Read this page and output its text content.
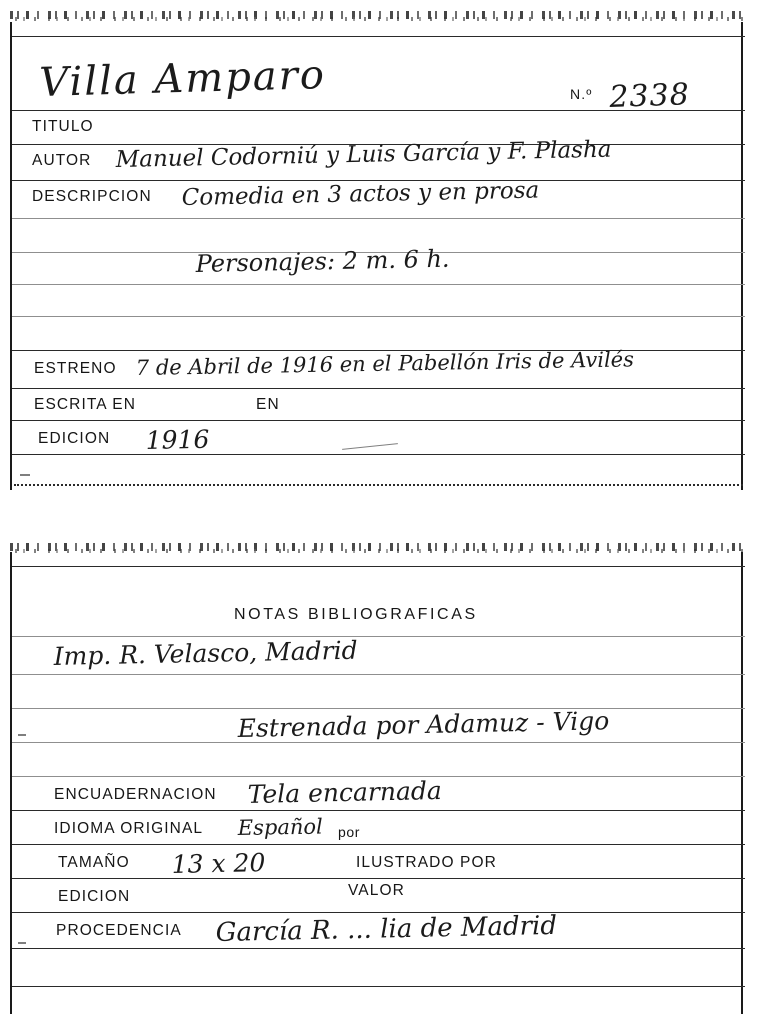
Villa Amparo	N.º 2338
TITULO
AUTOR Manuel Codorniú y Luis García y F. Plasha
DESCRIPCION Comedia en 3 actos y en prosa
Personajes: 2 m. 6 h.
ESTRENO 7 de Abril de 1916 en el Pabellón Iris de Avilés
ESCRITA EN	EN
EDICION 1916
NOTAS BIBLIOGRAFICAS
Imp. R. Velasco, Madrid
Estrenada por Adamuz - Vigo
ENCUADERNACION Tela encarnada
IDIOMA ORIGINAL Español por
TAMAÑO 13 x 20	ILUSTRADO POR
EDICION	VALOR
PROCEDENCIA García R. ... lia de Madrid
